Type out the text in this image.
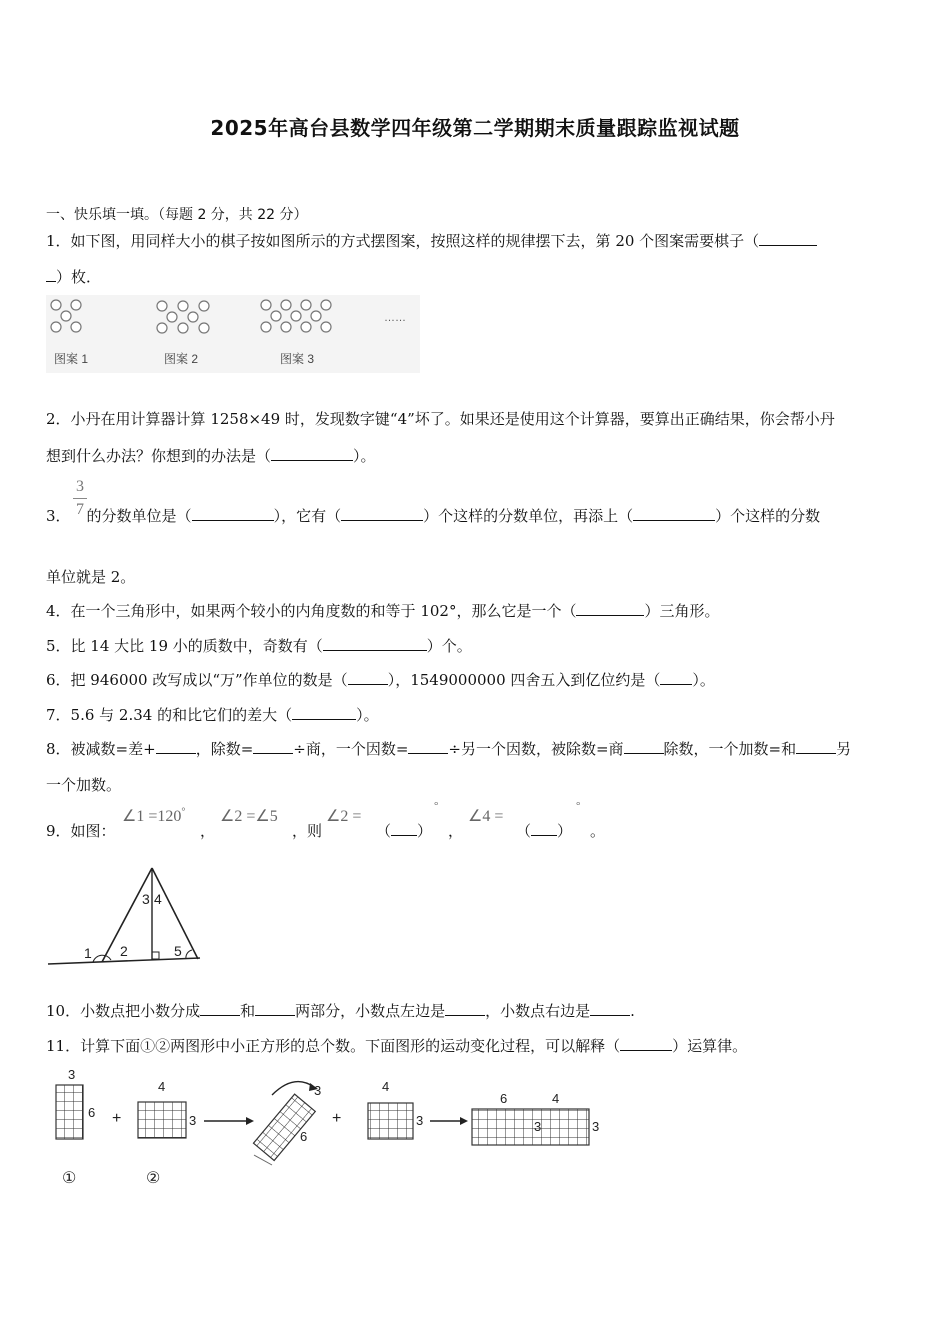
2025年高台县数学四年级第二学期期末质量跟踪监视试题
一、快乐填一填。（每题 2 分，共 22 分）
1．如下图，用同样大小的棋子按如图所示的方式摆图案，按照这样的规律摆下去，第 20 个图案需要棋子（
）枚．
……
图案 1	图案 2	图案 3
2．小丹在用计算器计算 1258×49 时，发现数字键“4”坏了。如果还是使用这个计算器，要算出正确结果，你会帮小丹
想到什么办法？你想到的办法是（	）。
3
7
3． 的分数单位是（	），它有（	）个这样的分数单位，再添上（	）个这样的分数
单位就是 2。
4．在一个三角形中，如果两个较小的内角度数的和等于 102°，那么它是一个（	）三角形。
5．比 14 大比 19 小的质数中，奇数有（	）个。
6．把 946000 改写成以“万”作单位的数是（	），1549000000 四舍五入到亿位约是（ ）。
7．5.6 与 2.34 的和比它们的差大（	）。
8．被减数=差+	，除数=	÷商，一个因数=	÷另一个因数，被除数=商	除数，一个加数=和	另
一个加数。
9．如图：
∠1 =120°
，
∠2 =∠5
，则
∠2 =
（ ）
°
，
∠4 =
（ ）
°
。
1 2
3 4
5
10．小数点把小数分成	和	两部分，小数点左边是	，小数点右边是	.
11．计算下面①②两图形中小正方形的总个数。下面图形的运动变化过程，可以解释（	）运算律。
3
6
①
+
4
3
②
3
6
+
4
3
6	4
3	3
